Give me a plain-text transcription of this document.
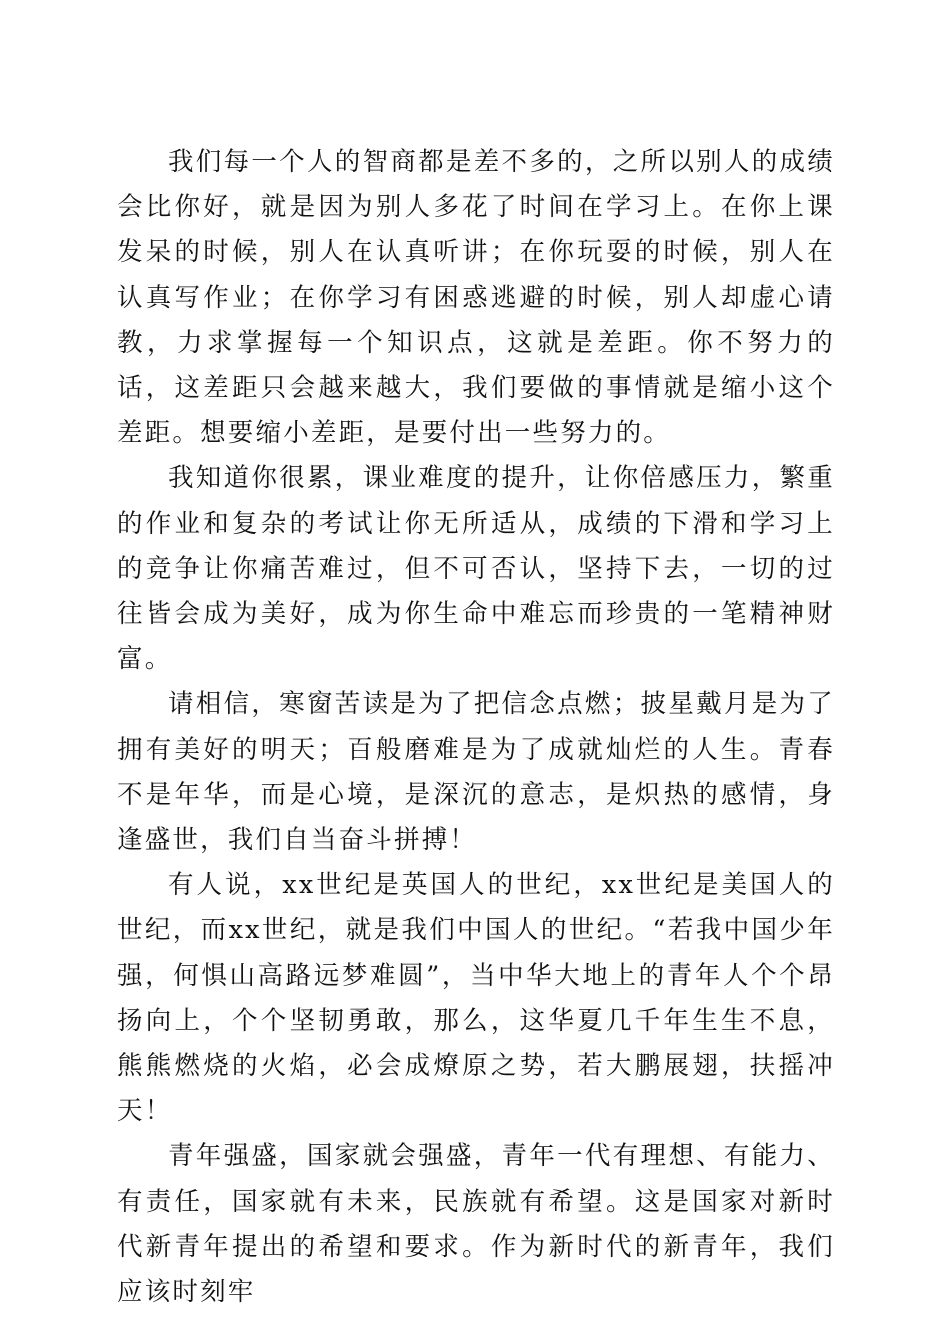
我们每一个人的智商都是差不多的，之所以别人的成绩会比你好，就是因为别人多花了时间在学习上。在你上课发呆的时候，别人在认真听讲；在你玩耍的时候，别人在认真写作业；在你学习有困惑逃避的时候，别人却虚心请教，力求掌握每一个知识点，这就是差距。你不努力的话，这差距只会越来越大，我们要做的事情就是缩小这个差距。想要缩小差距，是要付出一些努力的。

我知道你很累，课业难度的提升，让你倍感压力，繁重的作业和复杂的考试让你无所适从，成绩的下滑和学习上的竞争让你痛苦难过，但不可否认，坚持下去，一切的过往皆会成为美好，成为你生命中难忘而珍贵的一笔精神财富。

请相信，寒窗苦读是为了把信念点燃；披星戴月是为了拥有美好的明天；百般磨难是为了成就灿烂的人生。青春不是年华，而是心境，是深沉的意志，是炽热的感情，身逢盛世，我们自当奋斗拼搏！

有人说，xx世纪是英国人的世纪，xx世纪是美国人的世纪，而xx世纪，就是我们中国人的世纪。“若我中国少年强，何惧山高路远梦难圆”，当中华大地上的青年人个个昂扬向上，个个坚韧勇敢，那么，这华夏几千年生生不息，熊熊燃烧的火焰，必会成燎原之势，若大鹏展翅，扶摇冲天！

青年强盛，国家就会强盛，青年一代有理想、有能力、有责任，国家就有未来，民族就有希望。这是国家对新时代新青年提出的希望和要求。作为新时代的新青年，我们应该时刻牢
